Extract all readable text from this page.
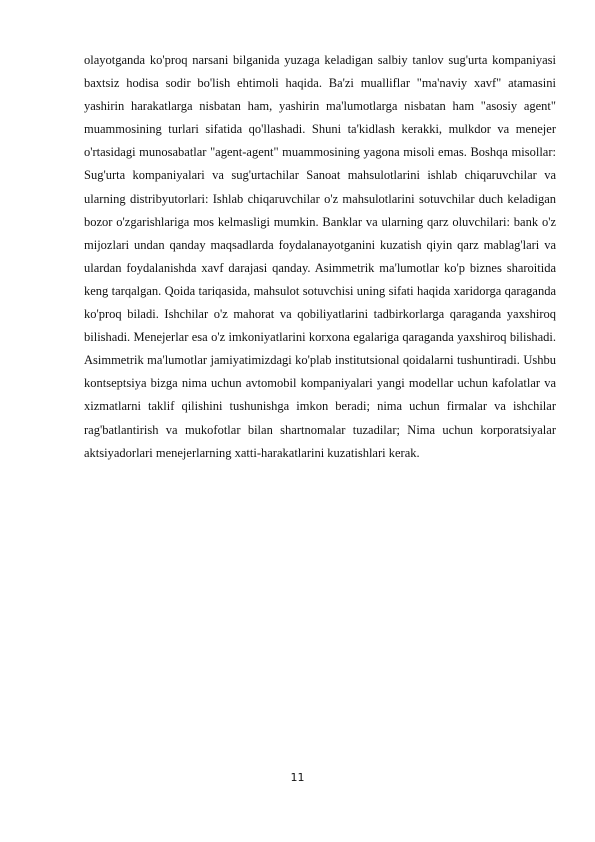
olayotganda ko'proq narsani bilganida yuzaga keladigan salbiy tanlov sug'urta kompaniyasi baxtsiz hodisa sodir bo'lish ehtimoli haqida. Ba'zi mualliflar "ma'naviy xavf" atamasini yashirin harakatlarga nisbatan ham, yashirin ma'lumotlarga nisbatan ham "asosiy agent" muammosining turlari sifatida qo'llashadi. Shuni ta'kidlash kerakki, mulkdor va menejer o'rtasidagi munosabatlar "agent-agent" muammosining yagona misoli emas. Boshqa misollar: Sug'urta kompaniyalari va sug'urtachilar Sanoat mahsulotlarini ishlab chiqaruvchilar va ularning distribyutorlari: Ishlab chiqaruvchilar o'z mahsulotlarini sotuvchilar duch keladigan bozor o'zgarishlariga mos kelmasligi mumkin. Banklar va ularning qarz oluvchilari: bank o'z mijozlari undan qanday maqsadlarda foydalanayotganini kuzatish qiyin qarz mablag'lari va ulardan foydalanishda xavf darajasi qanday. Asimmetrik ma'lumotlar ko'p biznes sharoitida keng tarqalgan. Qoida tariqasida, mahsulot sotuvchisi uning sifati haqida xaridorga qaraganda ko'proq biladi. Ishchilar o'z mahorat va qobiliyatlarini tadbirkorlarga qaraganda yaxshiroq bilishadi. Menejerlar esa o'z imkoniyatlarini korxona egalariga qaraganda yaxshiroq bilishadi. Asimmetrik ma'lumotlar jamiyatimizdagi ko'plab institutsional qoidalarni tushuntiradi. Ushbu kontseptsiya bizga nima uchun avtomobil kompaniyalari yangi modellar uchun kafolatlar va xizmatlarni taklif qilishini tushunishga imkon beradi; nima uchun firmalar va ishchilar rag'batlantirish va mukofotlar bilan shartnomalar tuzadilar; Nima uchun korporatsiyalar aktsiyadorlari menejerlarning xatti-harakatlarini kuzatishlari kerak.

11
